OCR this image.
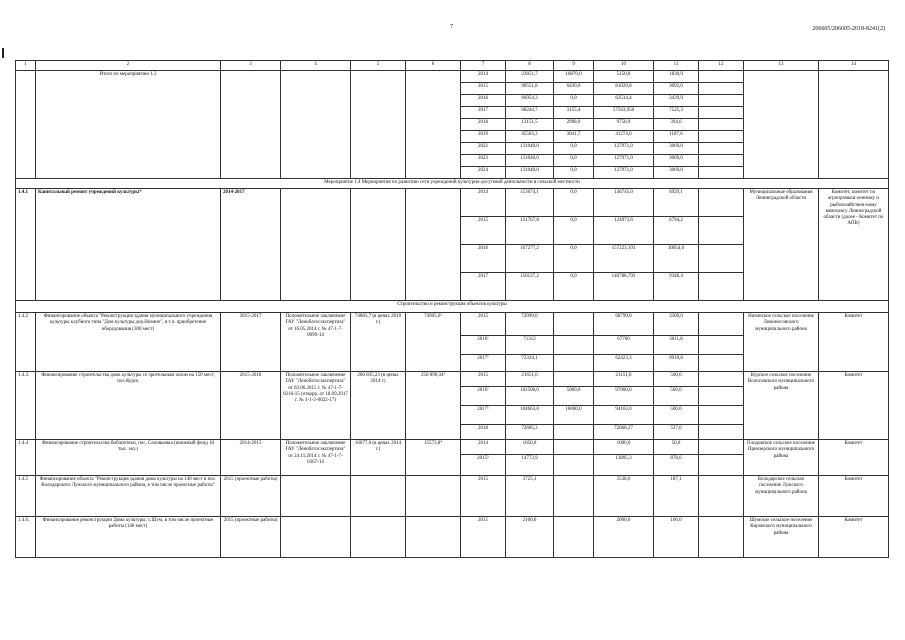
7	206605/206605-2018-8241(2)
1	2	3	4	5	6	7	8	9	10	11	12	13	14
	Итого по мероприятию 1.3					2014	23851,7	16870,0	5150,8	1830,9			
						2015	90551,8	6430,0	81029,8	3092,0			
						2016	66954,3	0,0	63514,4	3439,9			
						2017	68244,7	3155,4	57563,950	7525,3			
						2018	13151,5	2998,0	9758,9	394,6			
						2019	45503,3	3041,7	41274,0	1187,6			
						2022	131040,0	0,0	127971,0	3069,0			
						2023	131040,0	0,0	127971,0	3069,0			
						2024	131040,0	0,0	127971,0	3069,0			
Мероприятие 1.4 Мероприятия по развитию сети учреждений культурно-досуговой деятельности в сельской местности													
1.4.1	Капитальный ремонт учреждений культуры*	2014-2017				2014	153674,1	0,0	146745,0	6929,1		Муниципальные образования Ленинградской области	Комитет, комитет по агропромыш-ленному и рыбохозяйствен-ному комплексу Ленинградской области (далее - Комитет по АПК)
						2015	131767,8	0,0	124973,6	6794,2			
						2016	167277,2	0,0	157223,193	10054,0			
						2017	150137,2	0,0	140788,793	9348,4			
Строительство и реконструкция объектов культуры													
1.4.2	Финансирование объекта "Реконструкция здания муниципального учреждения культуры клубного типа "Дом культуры дер.Низино", в т.ч. приобретение оборудования (300 мест)	2015-2017	Положительное заключение ГАУ "Леноблгосэкспертиза" от 16.05.2014 г. № 47-1-7-0099-14	74883,7 (в ценах 2010 г.)	74995,0²	2015	72099,0		68799,0	3300,0		Низинское сельское поселение Ломоносовского муниципального района	Комитет
						2016¹	71312		67700	3611,8			
						2017¹	72334,1		62423,3	9910,8			
1.4.3.	Финансирование строительства дома культуры со зрительным залом на 150 мест, пос.Курск	2015-2018	Положительное заключение ГАУ "Леноблгосэкспертиза" от 03.06.2015 г. № 47-1-7-0216-15 (откорр. от 18.09.2017 г. № 1-1-2-0022-17)	266 035,23 (в ценах 2014 г)	250 890,34³	2015	21651,0		21151,0	500,0		Курское сельское поселение Волосовского муниципального района	Комитет
						2016¹	102500,0	5000,0	97000,0	500,0			
						2017¹	104663,0	10000,0	94163,0	500,0			
						2018	72605,3		72068,27	537,0			
1.4.4	Финансирование строительства библиотеки, пос. Соловьевка (книжный фонд 10 тыс. экз.)	2014-2015	Положительное заключение ГАУ "Леноблгосэкспертиза" от 24.11.2014 г. № 47-1-7-0367-14	16077,6 (в ценах 2014 г.)	15573,8⁴	2014	1050,0		1000,0	50,0		Плодовское сельское поселение Приозерского муниципального района	Комитет
						2015⁵	14773,9		13895,3	878,6			
1.4.5	Финансирование объекта "Реконструкция здания дома культуры на 140 мест в пос. Володарского Лужского муниципального района, в том числе проектные работы"	2015 (проектные работы)				2015	3725,1		3538,0	187,1		Володарское сельское поселение Лужского муниципального района	Комитет
1.4.6.	Финансирование реконструкции Дома культуры, с.Шум, в том числе проектные работы (140 мест)	2015 (проектные работы)				2015	2100,0		2000,0	100,0		Шумское сельское поселение Кировского муниципального района	Комитет
